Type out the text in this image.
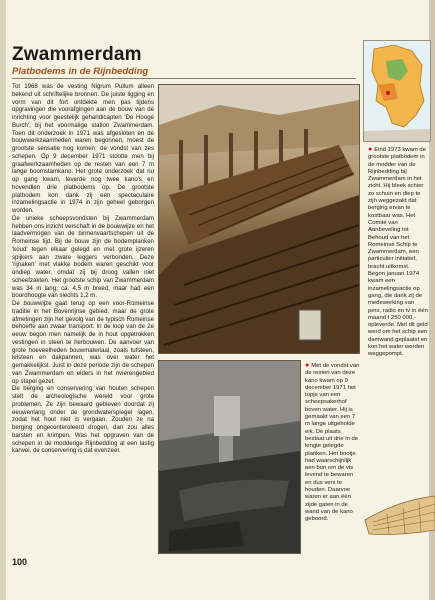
Zwammerdam
Platbodems in de Rijnbedding

Tot 1968 was de vesting Nigrum Pullum alleen bekend uit schriftelijke bronnen. De juiste ligging en vorm van dit fort ontdekte men pas tijdens opgravingen die voorafgingen aan de bouw van de inrichting voor geestelijk gehandicapten 'De Hooge Burch', bij het voormalige station Zwammerdam. Toen dit onderzoek in 1971 was afgesloten en de bouwwerkzaamheden waren begonnen, moest de grootste sensatie nog komen: de vondst van zes schepen. Op 9 december 1971 stootte men bij graafwerkzaamheden op de resten van een 7 m lange boomstamkano. Het grote onderzoek dat nu op gang kwam, leverde nog twee kano's en hovendien drie platbodems op. De grootste platbodem kon dank zij een spectaculaire inzamelingsactie in 1974 in zijn geheel geborgen worden.

De unieke scheepsvondsten bij Zwammerdam hebben ons inzicht verschaft in de bouwwijze en het laadvermogen van de binnenvaartschepen uit de Romeinse tijd. Bij de bouw zijn de bodemplanken 'koud' tegen elkaar gelegd en met grote ijzeren spijkers aan zware leggers verbonden. Deze 'rijnaken' met vlakke bodem waren geschikt voor ondiep water, omdat zij bij droog vallen niet scheefzakten. Het grootste schip van Zwammerdam was 34 m lang, ca. 4,5 m breed, maar had een boordhoogte van slechts 1,2 m.

De bouwwijze gaat terug op een voor-Romeinse traditie in het Bovenrijnse gebied, maar de grote afmetingen zijn het gevolg van de typisch Romeinse behoefte aan zwaar transport. In de loop van de 2e eeuw begon men namelijk de in hout opgetrokken vestingen in steen te herbouwen. De aanvoer van grote hoeveelheden bouwmateriaal, zoals tufsteen, leisteen en dakpannen, was over water het gemakkelijkst. Juist in deze periode zijn de schepen van Zwammerdam en elders in het rivierengebied op stapel gezet.

De berging en conservering van houten schepen stelt de archeologische wereld voor grote problemen. Ze zijn bewaard gebleven doordat zij eeuwenlang onder de grondwaterspiegel lagen, zodat het hout niet is vergaan. Zouden ze na berging ongeconteroleerd drogen, dan zou alles barsten en krimpen. Was het opgraven van de schepen in de modderige Rijnbedding al een lastig karwei, de conservering is dat evenzeer.

● Eind 1973 kwam de grootste platbodem in de modder van de Rijnbedding bij Zwammerdam in het zicht. Hij bleek schier zo schuin en diep te zijn weggezakt dat berging ervan te kostbaar was. Het Comité van Aanbeveling tot Behoud van het Romeinse Schip te Zwammerdam, een particulier initiatief, bracht uitkomst. Begon januari 1974 kwam een inzamelingsactie op gang, die dank zij de medewerking van pers, radio en tv in één maand f 250 000,- opleverde. Met dit geld werd om het schip een damwand geplaatst en kon het water worden weggepompt.
● Met de vondst van de resten van deze kano kwam op 9 december 1971 het topje van een scheepsakerhof boven water. Hij is gemaakt van een 7 m lange uitgeholde eik. De plaats bestaat uit drie in de lengte gelegde planken. Het bootje had waarschijnlijk een bun om de vis levend te bewaren en dus vers te houden. Daarvoe waren er aan één zijde gaten in de wand van de kano geboord.
100
